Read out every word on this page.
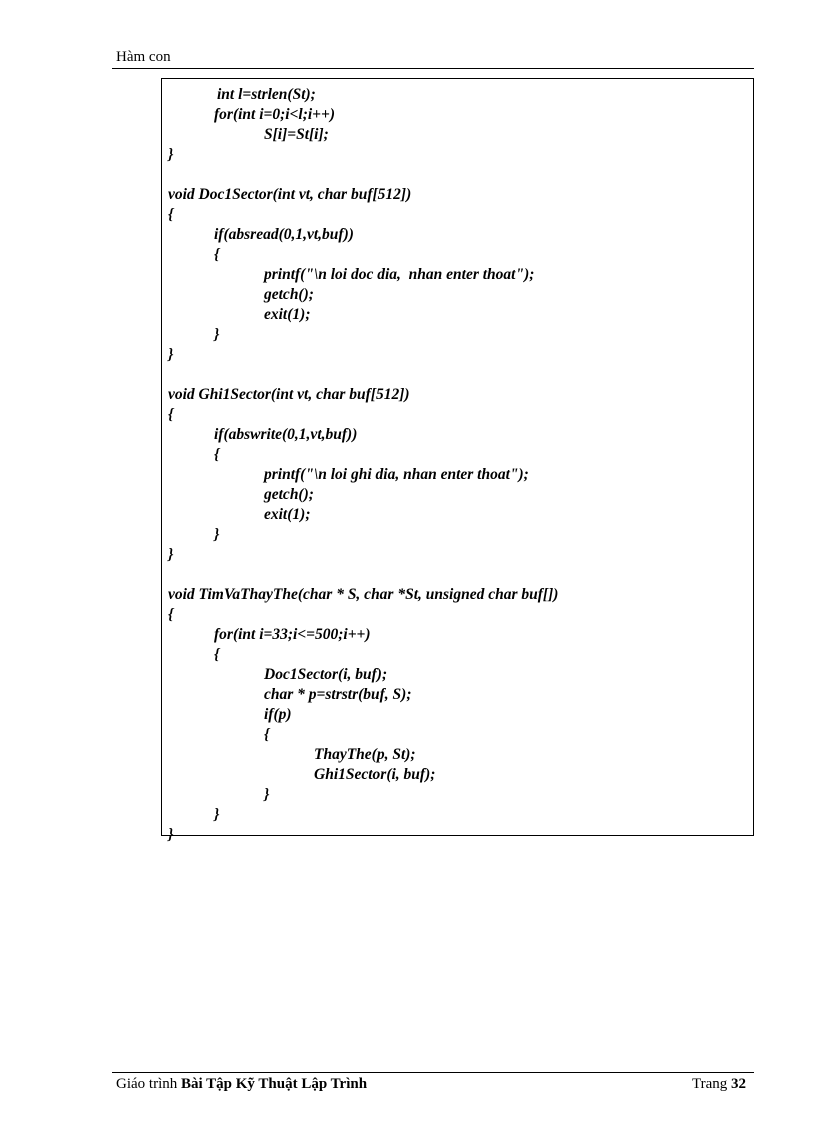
Hàm con
int l=strlen(St);
for(int i=0;i<l;i++)
S[i]=St[i];
}
void Doc1Sector(int vt, char buf[512])
{
if(absread(0,1,vt,buf))
{
printf("\n loi doc dia,  nhan enter thoat");
getch();
exit(1);
}
}
void Ghi1Sector(int vt, char buf[512])
{
if(abswrite(0,1,vt,buf))
{
printf("\n loi ghi dia, nhan enter thoat");
getch();
exit(1);
}
}
void TimVaThayThe(char * S, char *St, unsigned char buf[])
{
for(int i=33;i<=500;i++)
{
Doc1Sector(i, buf);
char * p=strstr(buf, S);
if(p)
{
ThayThe(p, St);
Ghi1Sector(i, buf);
}
}
}
Giáo trình Bài Tập Kỹ Thuật Lập Trình	Trang 32
